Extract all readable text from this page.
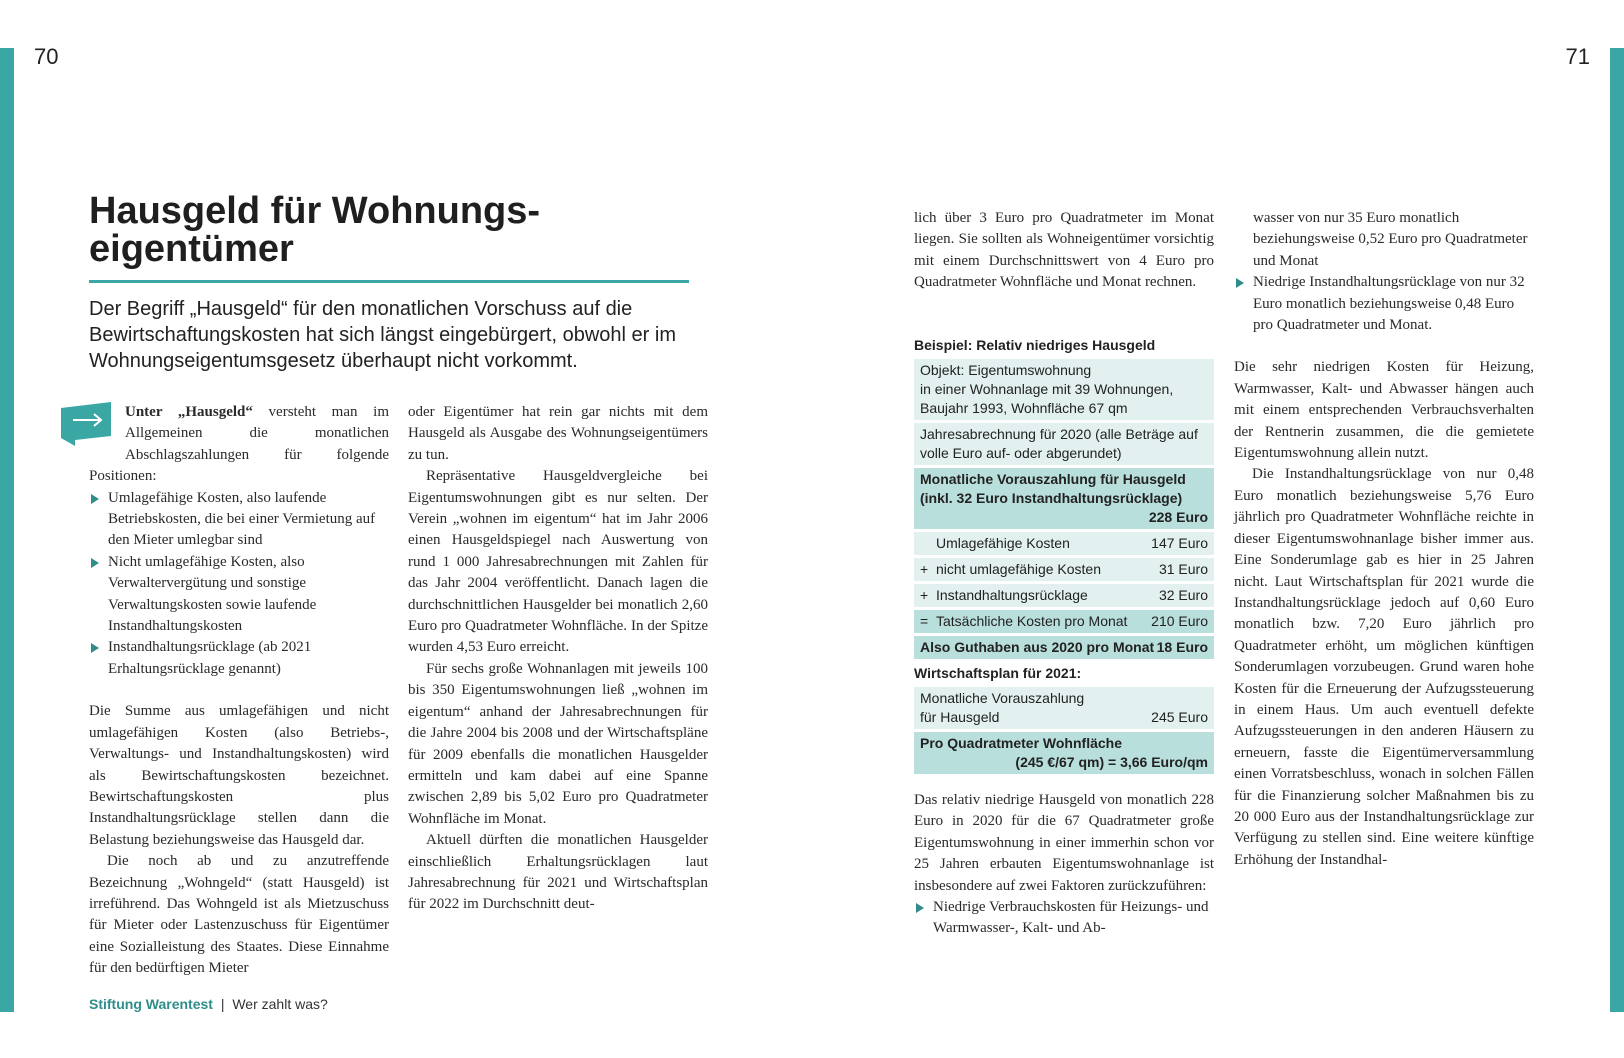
70	71
Hausgeld für Wohnungs-
eigentümer
Der Begriff „Hausgeld“ für den monatlichen Vorschuss auf die Bewirtschaftungskosten hat sich längst eingebürgert, obwohl er im Wohnungseigentumsgesetz überhaupt nicht vorkommt.

Unter „Hausgeld“ versteht man im Allgemeinen die monatlichen Abschlagszahlungen für folgende Positionen:

Umlagefähige Kosten, also laufende Betriebskosten, die bei einer Vermietung auf den Mieter umlegbar sind
Nicht umlagefähige Kosten, also Verwaltervergütung und sonstige Verwaltungskosten sowie laufende Instandhaltungskosten
Instandhaltungsrücklage (ab 2021 Erhaltungsrücklage genannt)

Die Summe aus umlagefähigen und nicht umlagefähigen Kosten (also Betriebs-, Verwaltungs- und Instandhaltungskosten) wird als Bewirtschaftungskosten bezeichnet. Bewirtschaftungskosten plus Instandhaltungsrücklage stellen dann die Belastung beziehungsweise das Hausgeld dar.

Die noch ab und zu anzutreffende Bezeichnung „Wohngeld“ (statt Hausgeld) ist irreführend. Das Wohngeld ist als Mietzuschuss für Mieter oder Lastenzuschuss für Eigentümer eine Sozialleistung des Staates. Diese Einnahme für den bedürftigen Mieter

oder Eigentümer hat rein gar nichts mit dem Hausgeld als Ausgabe des Wohnungseigentümers zu tun.

Repräsentative Hausgeldvergleiche bei Eigentumswohnungen gibt es nur selten. Der Verein „wohnen im eigentum“ hat im Jahr 2006 einen Hausgeldspiegel nach Auswertung von rund 1 000 Jahresabrechnungen mit Zahlen für das Jahr 2004 veröffentlicht. Danach lagen die durchschnittlichen Hausgelder bei monatlich 2,60 Euro pro Quadratmeter Wohnfläche. In der Spitze wurden 4,53 Euro erreicht.

Für sechs große Wohnanlagen mit jeweils 100 bis 350 Eigentumswohnungen ließ „wohnen im eigentum“ anhand der Jahresabrechnungen für die Jahre 2004 bis 2008 und der Wirtschaftspläne für 2009 ebenfalls die monatlichen Hausgelder ermitteln und kam dabei auf eine Spanne zwischen 2,89 bis 5,02 Euro pro Quadratmeter Wohnfläche im Monat.

Aktuell dürften die monatlichen Hausgelder einschließlich Erhaltungsrücklagen laut Jahresabrechnung für 2021 und Wirtschaftsplan für 2022 im Durchschnitt deut-

lich über 3 Euro pro Quadratmeter im Monat liegen. Sie sollten als Wohneigentümer vorsichtig mit einem Durchschnittswert von 4 Euro pro Quadratmeter Wohnfläche und Monat rechnen.

Beispiel: Relativ niedriges Hausgeld
Objekt: Eigentumswohnung
in einer Wohnanlage mit 39 Wohnungen,
Baujahr 1993, Wohnfläche 67 qm
Jahresabrechnung für 2020 (alle Beträge auf
volle Euro auf- oder abgerundet)
Monatliche Vorauszahlung für Hausgeld
(inkl. 32 Euro Instandhaltungsrücklage)
228 Euro
Umlagefähige Kosten	147 Euro
+ nicht umlagefähige Kosten	31 Euro
+ Instandhaltungsrücklage	32 Euro
= Tatsächliche Kosten pro Monat 210 Euro
Also Guthaben aus 2020 pro Monat 18 Euro
Wirtschaftsplan für 2021:
Monatliche Vorauszahlung
für Hausgeld	245 Euro
Pro Quadratmeter Wohnfläche
(245 €/67 qm) = 3,66 Euro/qm

Das relativ niedrige Hausgeld von monatlich 228 Euro in 2020 für die 67 Quadratmeter große Eigentumswohnung in einer immerhin schon vor 25 Jahren erbauten Eigentumswohnanlage ist insbesondere auf zwei Faktoren zurückzuführen:

Niedrige Verbrauchskosten für Heizungs- und Warmwasser-, Kalt- und Ab-
wasser von nur 35 Euro monatlich beziehungsweise 0,52 Euro pro Quadratmeter und Monat
Niedrige Instandhaltungsrücklage von nur 32 Euro monatlich beziehungsweise 0,48 Euro pro Quadratmeter und Monat.

Die sehr niedrigen Kosten für Heizung, Warmwasser, Kalt- und Abwasser hängen auch mit einem entsprechenden Verbrauchsverhalten der Rentnerin zusammen, die die gemietete Eigentumswohnung allein nutzt.

Die Instandhaltungsrücklage von nur 0,48 Euro monatlich beziehungsweise 5,76 Euro jährlich pro Quadratmeter Wohnfläche reichte in dieser Eigentumswohnanlage bisher immer aus. Eine Sonderumlage gab es hier in 25 Jahren nicht. Laut Wirtschaftsplan für 2021 wurde die Instandhaltungsrücklage jedoch auf 0,60 Euro monatlich bzw. 7,20 Euro jährlich pro Quadratmeter erhöht, um möglichen künftigen Sonderumlagen vorzubeugen. Grund waren hohe Kosten für die Erneuerung der Aufzugssteuerung in einem Haus. Um auch eventuell defekte Aufzugssteuerungen in den anderen Häusern zu erneuern, fasste die Eigentümerversammlung einen Vorratsbeschluss, wonach in solchen Fällen für die Finanzierung solcher Maßnahmen bis zu 20 000 Euro aus der Instandhaltungsrücklage zur Verfügung zu stellen sind. Eine weitere künftige Erhöhung der Instandhal-

Stiftung Warentest | Wer zahlt was?
